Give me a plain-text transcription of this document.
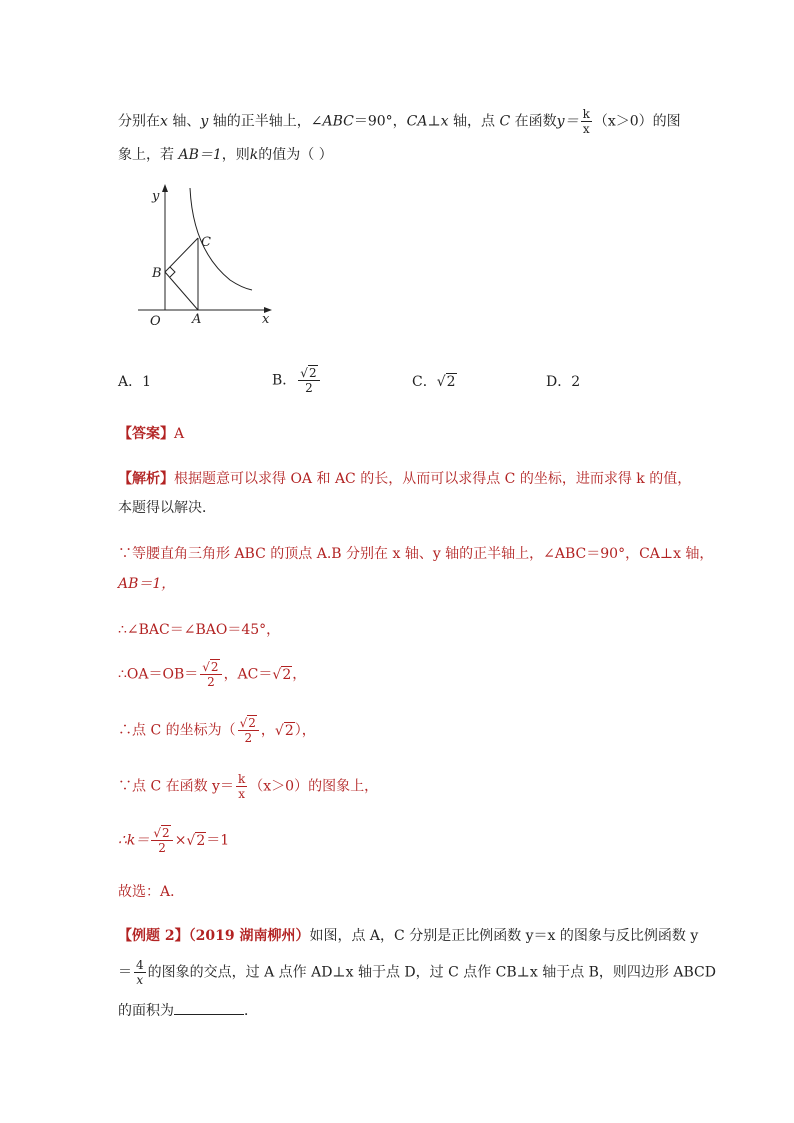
分别在x 轴、y 轴的正半轴上，∠ABC＝90°，CA⊥x 轴，点 C 在函数$y= \frac{k}{x} (x>0)$的图
象上，若 AB＝1，则k的值为（ ）
y
x
O A
B
C
A．1	B． $\frac{√2}{2}$	C．√2	D．2
【答案】A
【解析】根据题意可以求得 OA 和 AC 的长，从而可以求得点 C 的坐标，进而求得 k 的值，
本题得以解决．
∵等腰直角三角形 ABC 的顶点 A.B 分别在 x 轴、y 轴的正半轴上，∠ABC＝90°，CA⊥x 轴，
AB＝1，
∴∠BAC＝∠BAO＝45°，
∴OA＝OB＝ $\frac{√2}{2}$ ，AC＝√2，
∴点 C 的坐标为（ $\frac{√2}{2}$ ，√2），
∵点 C 在函数 $y= \frac{k}{x} (x>0)$的图象上，
∴k＝ $\frac{√2}{2} \times√2=1$
故选：A．
【例题 2】（2019 湖南柳州）如图，点 A，C 分别是正比例函数 y＝x 的图象与反比例函数 y
＝ $\frac{4}{x}$ 的图象的交点，过 A 点作 AD⊥x 轴于点 D，过 C 点作 CB⊥x 轴于点 B，则四边形 ABCD
的面积为	．
